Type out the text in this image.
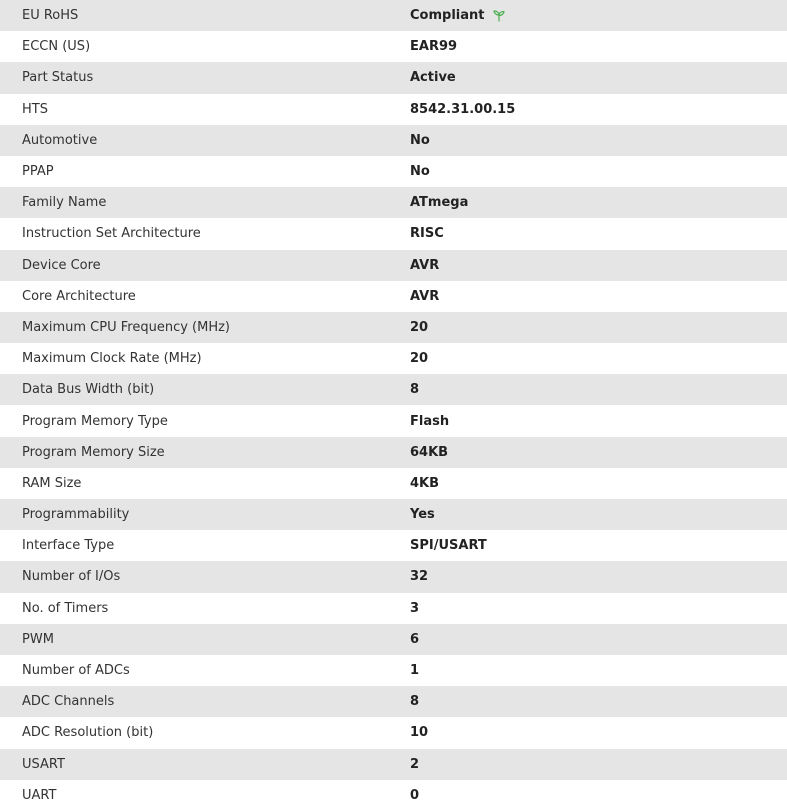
EU RoHS	Compliant

ECCN (US)	EAR99
Part Status	Active
HTS	8542.31.00.15
Automotive	No
PPAP	No
Family Name	ATmega
Instruction Set Architecture	RISC
Device Core	AVR
Core Architecture	AVR
Maximum CPU Frequency (MHz)	20
Maximum Clock Rate (MHz)	20
Data Bus Width (bit)	8
Program Memory Type	Flash
Program Memory Size	64KB
RAM Size	4KB
Programmability	Yes
Interface Type	SPI/USART
Number of I/Os	32
No. of Timers	3
PWM	6
Number of ADCs	1
ADC Channels	8
ADC Resolution (bit)	10
USART	2
UART	0
